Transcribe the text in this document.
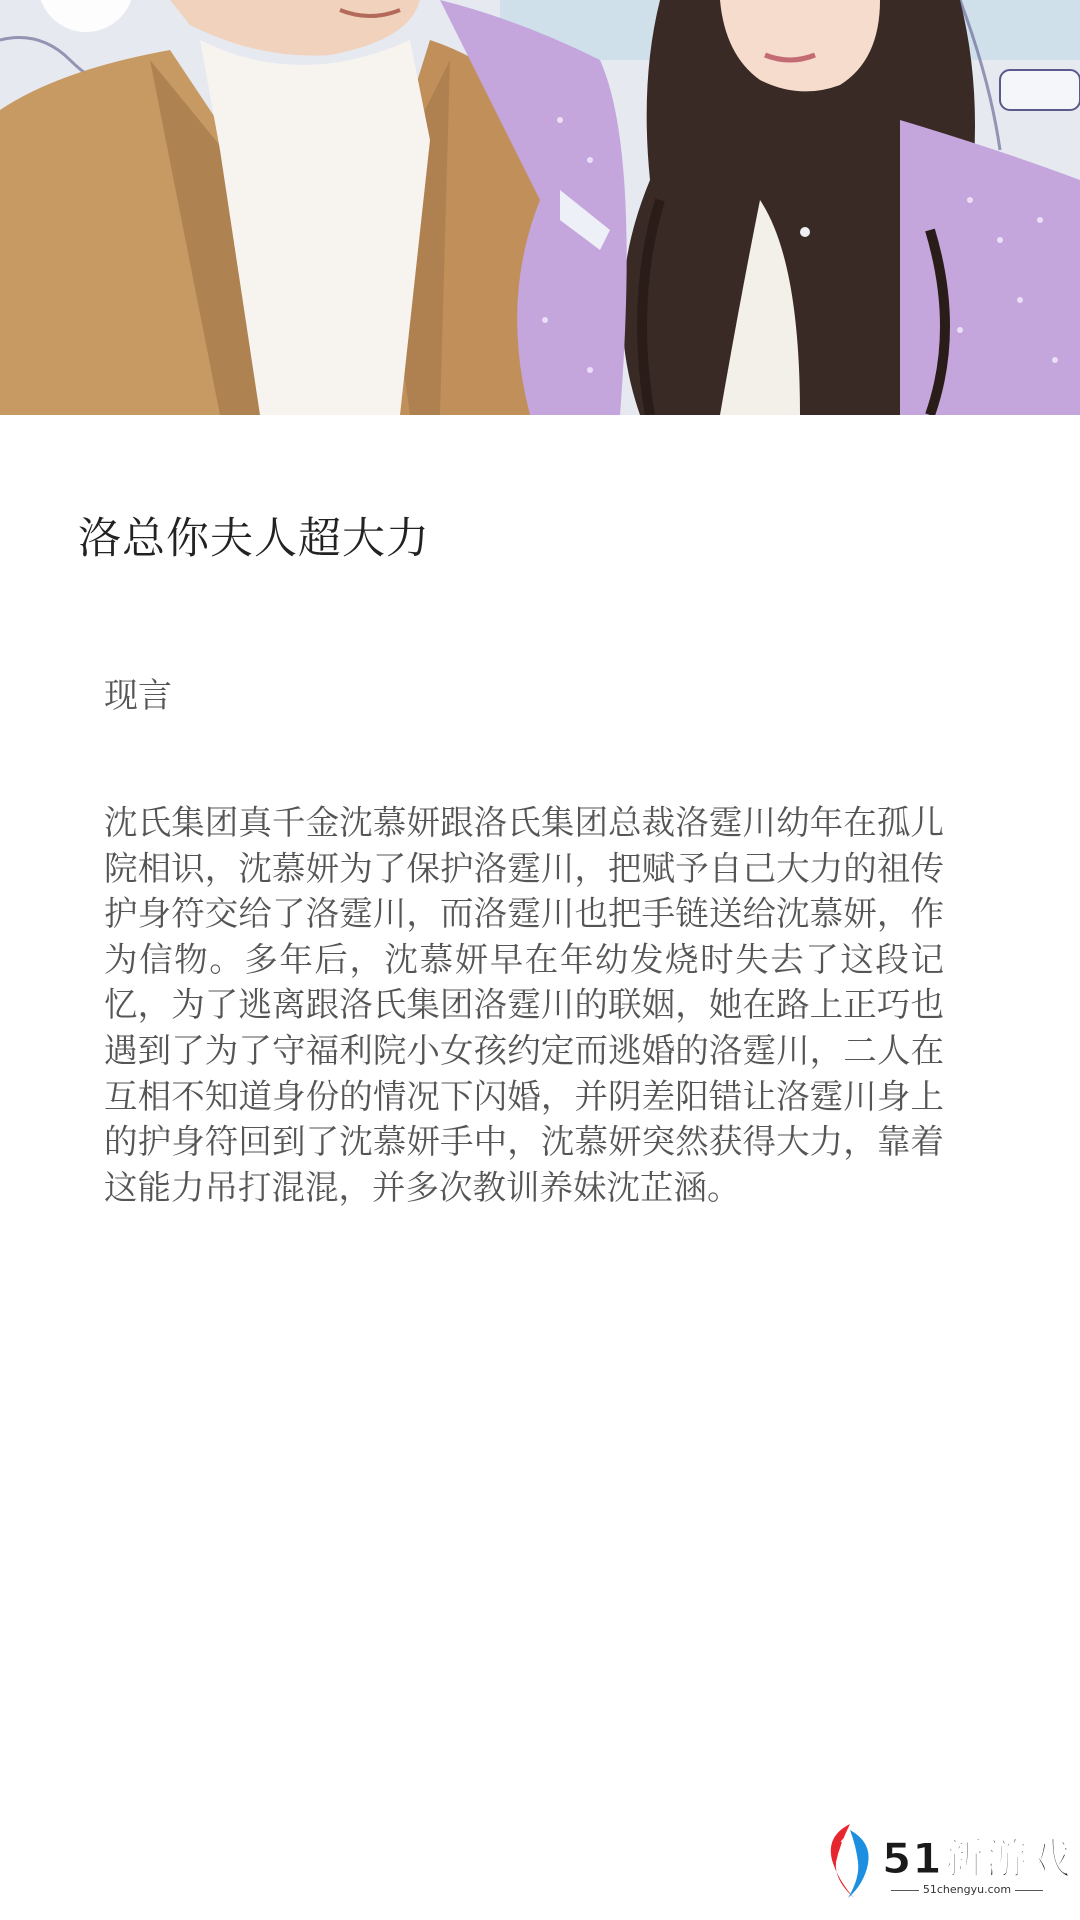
洛总你夫人超大力
现言
沈氏集团真千金沈慕妍跟洛氏集团总裁洛霆川幼年在孤儿院相识，沈慕妍为了保护洛霆川，把赋予自己大力的祖传护身符交给了洛霆川，而洛霆川也把手链送给沈慕妍，作为信物。多年后，沈慕妍早在年幼发烧时失去了这段记忆，为了逃离跟洛氏集团洛霆川的联姻，她在路上正巧也遇到了为了守福利院小女孩约定而逃婚的洛霆川，二人在互相不知道身份的情况下闪婚，并阴差阳错让洛霆川身上的护身符回到了沈慕妍手中，沈慕妍突然获得大力，靠着这能力吊打混混，并多次教训养妹沈芷涵。
51新游戏
51chengyu.com
